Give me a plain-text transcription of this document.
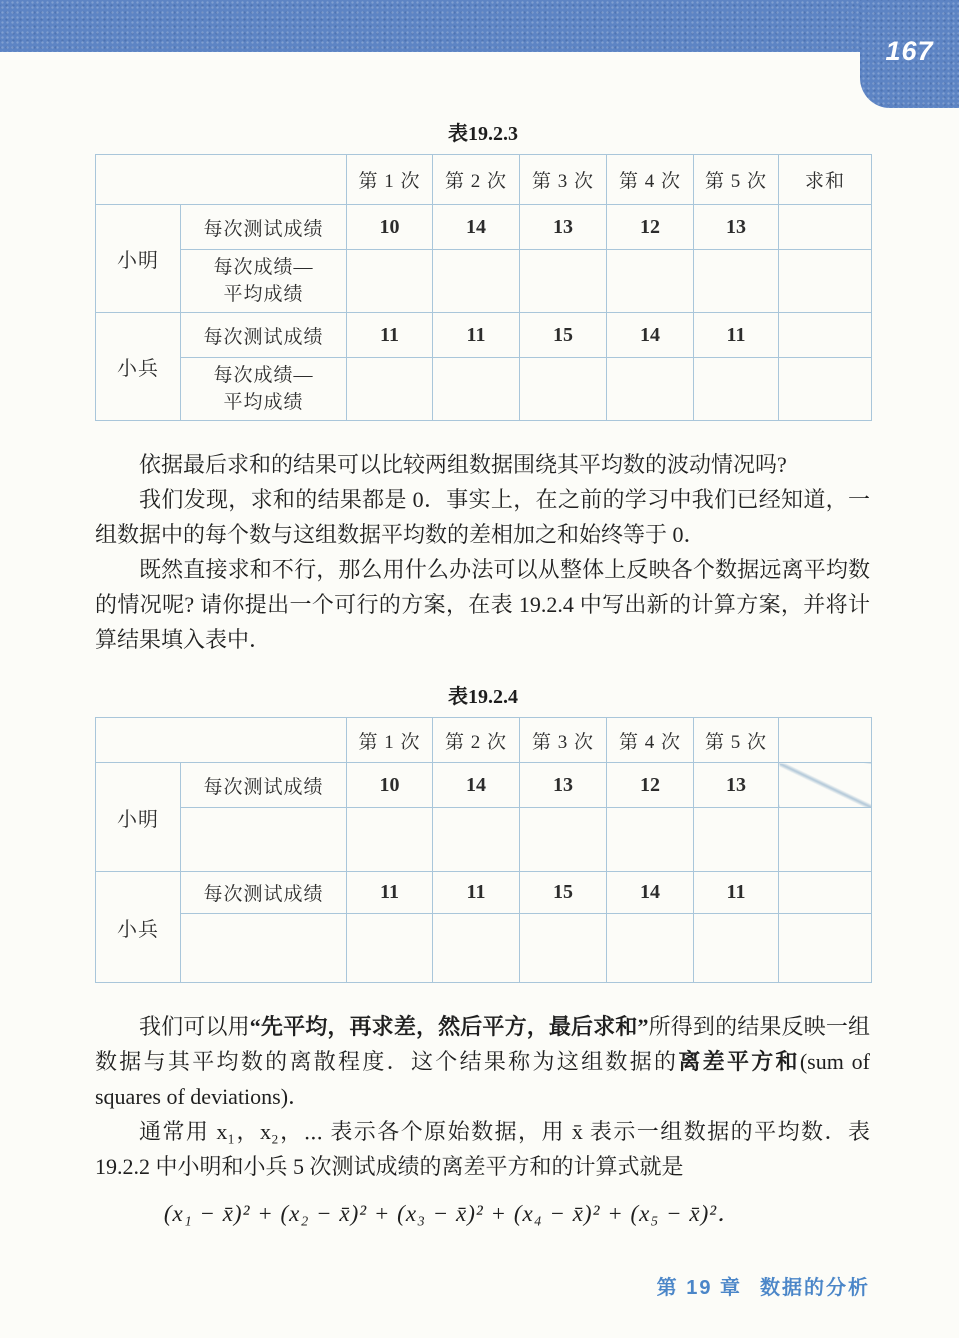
167
表19.2.3
		第 1 次	第 2 次	第 3 次	第 4 次	第 5 次	求和
小明	每次测试成绩	10	14	13	12	13	

	每次成绩—
平均成绩						

小兵	每次测试成绩	11	11	15	14	11	

	每次成绩—
平均成绩						

依据最后求和的结果可以比较两组数据围绕其平均数的波动情况吗?

我们发现，求和的结果都是 0．事实上，在之前的学习中我们已经知道，一组数据中的每个数与这组数据平均数的差相加之和始终等于 0．

既然直接求和不行，那么用什么办法可以从整体上反映各个数据远离平均数的情况呢? 请你提出一个可行的方案，在表 19.2.4 中写出新的计算方案，并将计算结果填入表中．

表19.2.4
		第 1 次	第 2 次	第 3 次	第 4 次	第 5 次	
小明	每次测试成绩	10	14	13	12	13	

小兵	每次测试成绩	11	11	15	14	11	

我们可以用“先平均，再求差，然后平方，最后求和”所得到的结果反映一组数据与其平均数的离散程度．这个结果称为这组数据的离差平方和(sum of squares of deviations)．

通常用 x₁，x₂，⋯ 表示各个原始数据，用 x̄ 表示一组数据的平均数．表 19.2.2 中小明和小兵 5 次测试成绩的离差平方和的计算式就是

(x₁ − x̄)² + (x₂ − x̄)² + (x₃ − x̄)² + (x₄ − x̄)² + (x₅ − x̄)²．
第 19 章 数据的分析
